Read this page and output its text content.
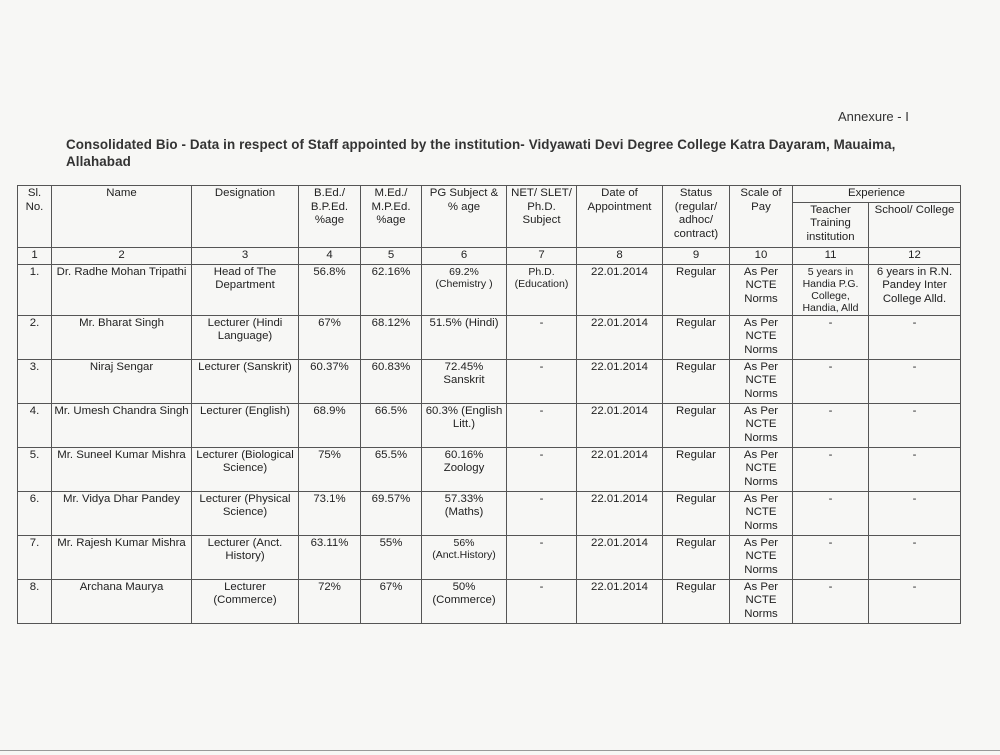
Annexure - I
Consolidated Bio - Data in respect of Staff appointed by the institution- Vidyawati Devi Degree College Katra Dayaram, Mauaima, Allahabad
Sl. No.	Name	Designation	B.Ed./ B.P.Ed. %age	M.Ed./ M.P.Ed. %age	PG Subject & % age	NET/ SLET/ Ph.D. Subject	Date of Appointment	Status (regular/ adhoc/ contract)	Scale of Pay	Experience	
										Teacher Training institution	School/ College
1	2	3	4	5	6	7	8	9	10	11	12
1.	Dr. Radhe Mohan Tripathi	Head of The Department	56.8%	62.16%	69.2% (Chemistry )	Ph.D. (Education)	22.01.2014	Regular	As Per NCTE Norms	5 years in Handia P.G. College, Handia, Alld	6 years in R.N. Pandey Inter College Alld.
2.	Mr. Bharat Singh	Lecturer (Hindi Language)	67%	68.12%	51.5% (Hindi)	-	22.01.2014	Regular	As Per NCTE Norms	-	-
3.	Niraj Sengar	Lecturer (Sanskrit)	60.37%	60.83%	72.45% Sanskrit	-	22.01.2014	Regular	As Per NCTE Norms	-	-
4.	Mr. Umesh Chandra Singh	Lecturer (English)	68.9%	66.5%	60.3% (English Litt.)	-	22.01.2014	Regular	As Per NCTE Norms	-	-
5.	Mr. Suneel Kumar Mishra	Lecturer (Biological Science)	75%	65.5%	60.16% Zoology	-	22.01.2014	Regular	As Per NCTE Norms	-	-
6.	Mr. Vidya Dhar Pandey	Lecturer (Physical Science)	73.1%	69.57%	57.33% (Maths)	-	22.01.2014	Regular	As Per NCTE Norms	-	-
7.	Mr. Rajesh Kumar Mishra	Lecturer (Anct. History)	63.11%	55%	56% (Anct.History)	-	22.01.2014	Regular	As Per NCTE Norms	-	-
8.	Archana Maurya	Lecturer (Commerce)	72%	67%	50% (Commerce)	-	22.01.2014	Regular	As Per NCTE Norms	-	-
